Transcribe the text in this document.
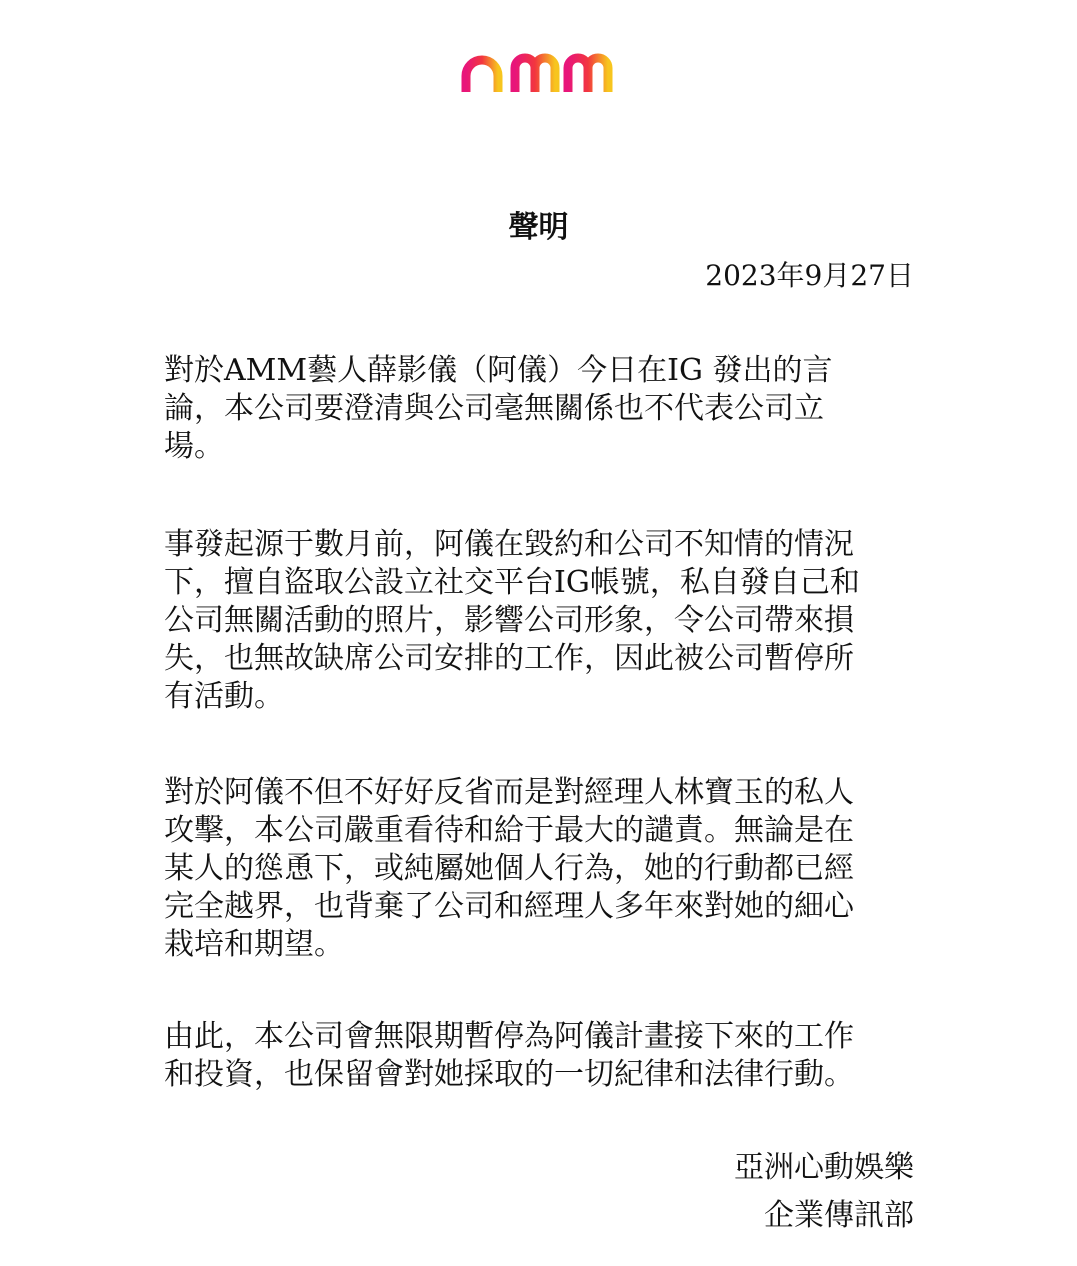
聲明
2023年9月27日
對於AMM藝人薛影儀（阿儀）今日在IG 發出的言
論，本公司要澄清與公司毫無關係也不代表公司立
場。
事發起源于數月前，阿儀在毀約和公司不知情的情況
下，擅自盜取公設立社交平台IG帳號，私自發自己和
公司無關活動的照片，影響公司形象，令公司帶來損
失，也無故缺席公司安排的工作，因此被公司暫停所
有活動。
對於阿儀不但不好好反省而是對經理人林寶玉的私人
攻擊，本公司嚴重看待和給于最大的譴責。無論是在
某人的慫恿下，或純屬她個人行為，她的行動都已經
完全越界，也背棄了公司和經理人多年來對她的細心
栽培和期望。
由此，本公司會無限期暫停為阿儀計畫接下來的工作
和投資，也保留會對她採取的一切紀律和法律行動。
亞洲心動娛樂
企業傳訊部
